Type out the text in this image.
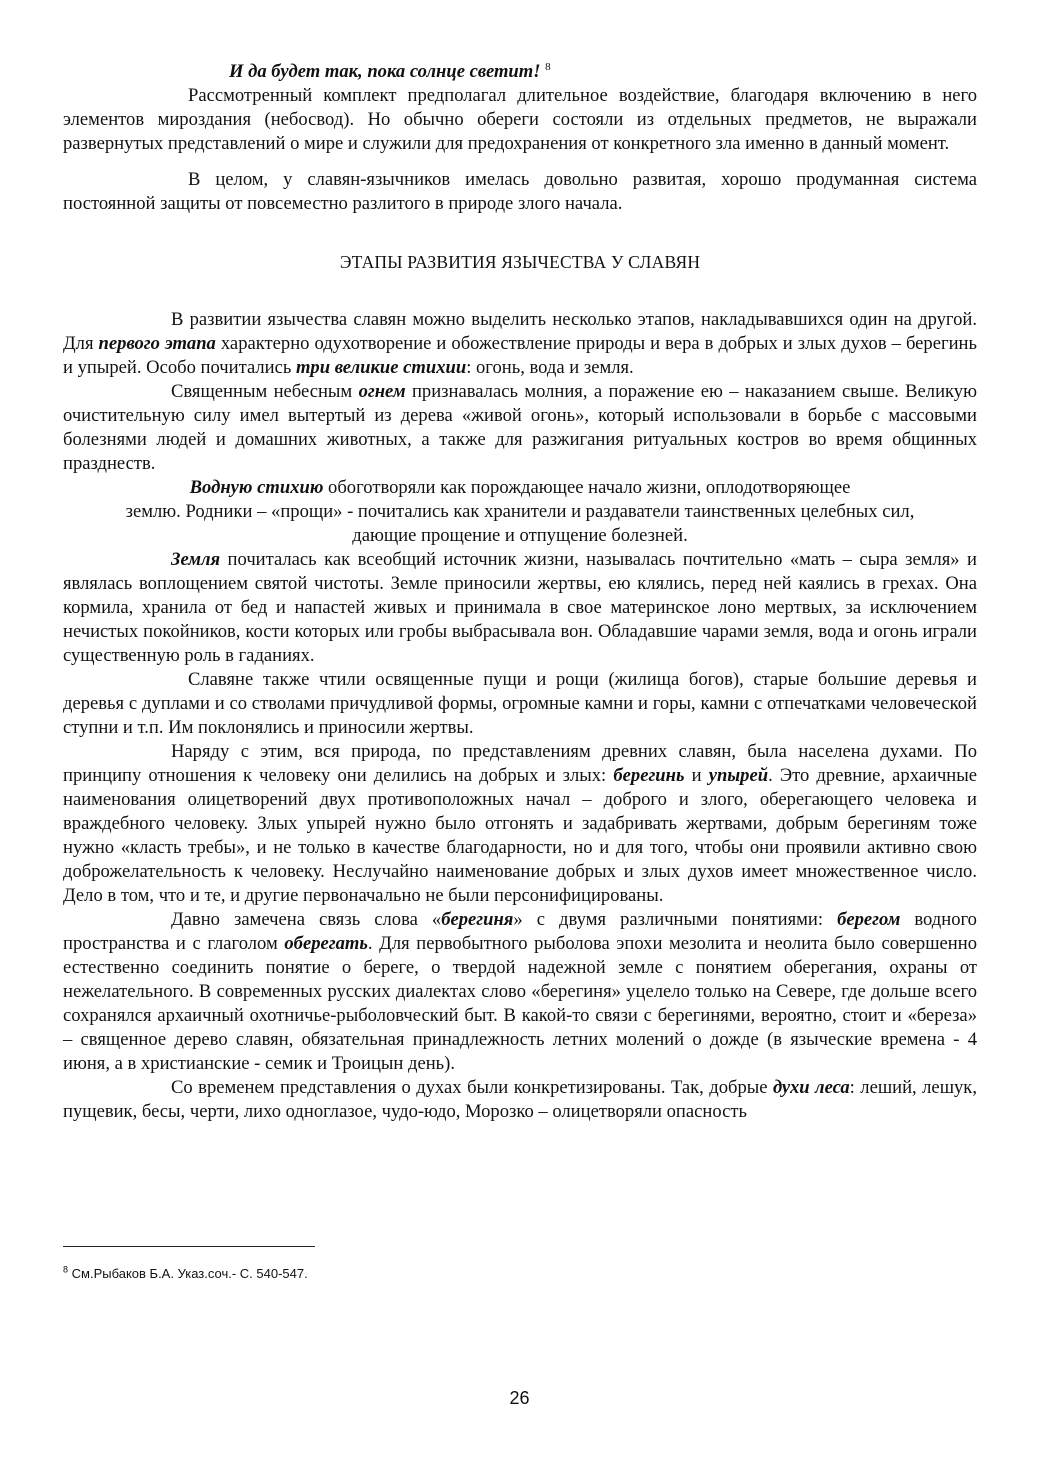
И да будет так, пока солнце светит! $^8$

Рассмотренный комплект предполагал длительное воздействие, благодаря включению в него элементов мироздания (небосвод). Но обычно обереги состояли из отдельных предметов, не выражали развернутых представлений о мире и служили для предохранения от конкретного зла именно в данный момент.

В целом, у славян-язычников имелась довольно развитая, хорошо продуманная система постоянной защиты от повсеместно разлитого в природе злого начала.

ЭТАПЫ РАЗВИТИЯ ЯЗЫЧЕСТВА У СЛАВЯН

В развитии язычества славян можно выделить несколько этапов, накладывавшихся один на другой. Для первого этапа характерно одухотворение и обожествление природы и вера в добрых и злых духов – берегинь и упырей. Особо почитались три великие стихии: огонь, вода и земля.

Священным небесным огнем признавалась молния, а поражение ею – наказанием свыше. Великую очистительную силу имел вытертый из дерева «живой огонь», который использовали в борьбе с массовыми болезнями людей и домашних животных, а также для разжигания ритуальных костров во время общинных празднеств.

Водную стихию обоготворяли как порождающее начало жизни, оплодотворяющее
землю. Родники – «прощи» - почитались как хранители и раздаватели таинственных целебных сил,
дающие прощение и отпущение болезней.

Земля почиталась как всеобщий источник жизни, называлась почтительно «мать – сыра земля» и являлась воплощением святой чистоты. Земле приносили жертвы, ею клялись, перед ней каялись в грехах. Она кормила, хранила от бед и напастей живых и принимала в свое материнское лоно мертвых, за исключением нечистых покойников, кости которых или гробы выбрасывала вон. Обладавшие чарами земля, вода и огонь играли существенную роль в гаданиях.

Славяне также чтили освященные пущи и рощи (жилища богов), старые большие деревья и деревья с дуплами и со стволами причудливой формы, огромные камни и горы, камни с отпечатками человеческой ступни и т.п. Им поклонялись и приносили жертвы.

Наряду с этим, вся природа, по представлениям древних славян, была населена духами. По принципу отношения к человеку они делились на добрых и злых: берегинь и упырей. Это древние, архаичные наименования олицетворений двух противоположных начал – доброго и злого, оберегающего человека и враждебного человеку. Злых упырей нужно было отгонять и задабривать жертвами, добрым берегиням тоже нужно «класть требы», и не только в качестве благодарности, но и для того, чтобы они проявили активно свою доброжелательность к человеку. Неслучайно наименование добрых и злых духов имеет множественное число. Дело в том, что и те, и другие первоначально не были персонифицированы.

Давно замечена связь слова «берегиня» с двумя различными понятиями: берегом водного пространства и с глаголом оберегать. Для первобытного рыболова эпохи мезолита и неолита было совершенно естественно соединить понятие о береге, о твердой надежной земле с понятием оберегания, охраны от нежелательного. В современных русских диалектах слово «берегиня» уцелело только на Севере, где дольше всего сохранялся архаичный охотничье-рыболовческий быт. В какой-то связи с берегинями, вероятно, стоит и «береза» – священное дерево славян, обязательная принадлежность летних молений о дожде (в языческие времена - 4 июня, а в христианские - семик и Троицын день).

Со временем представления о духах были конкретизированы. Так, добрые духи леса: леший, лешук, пущевик, бесы, черти, лихо одноглазое, чудо-юдо, Морозко – олицетворяли опасность

$^8$ См.Рыбаков Б.А. Указ.соч.- С. 540-547.
26
